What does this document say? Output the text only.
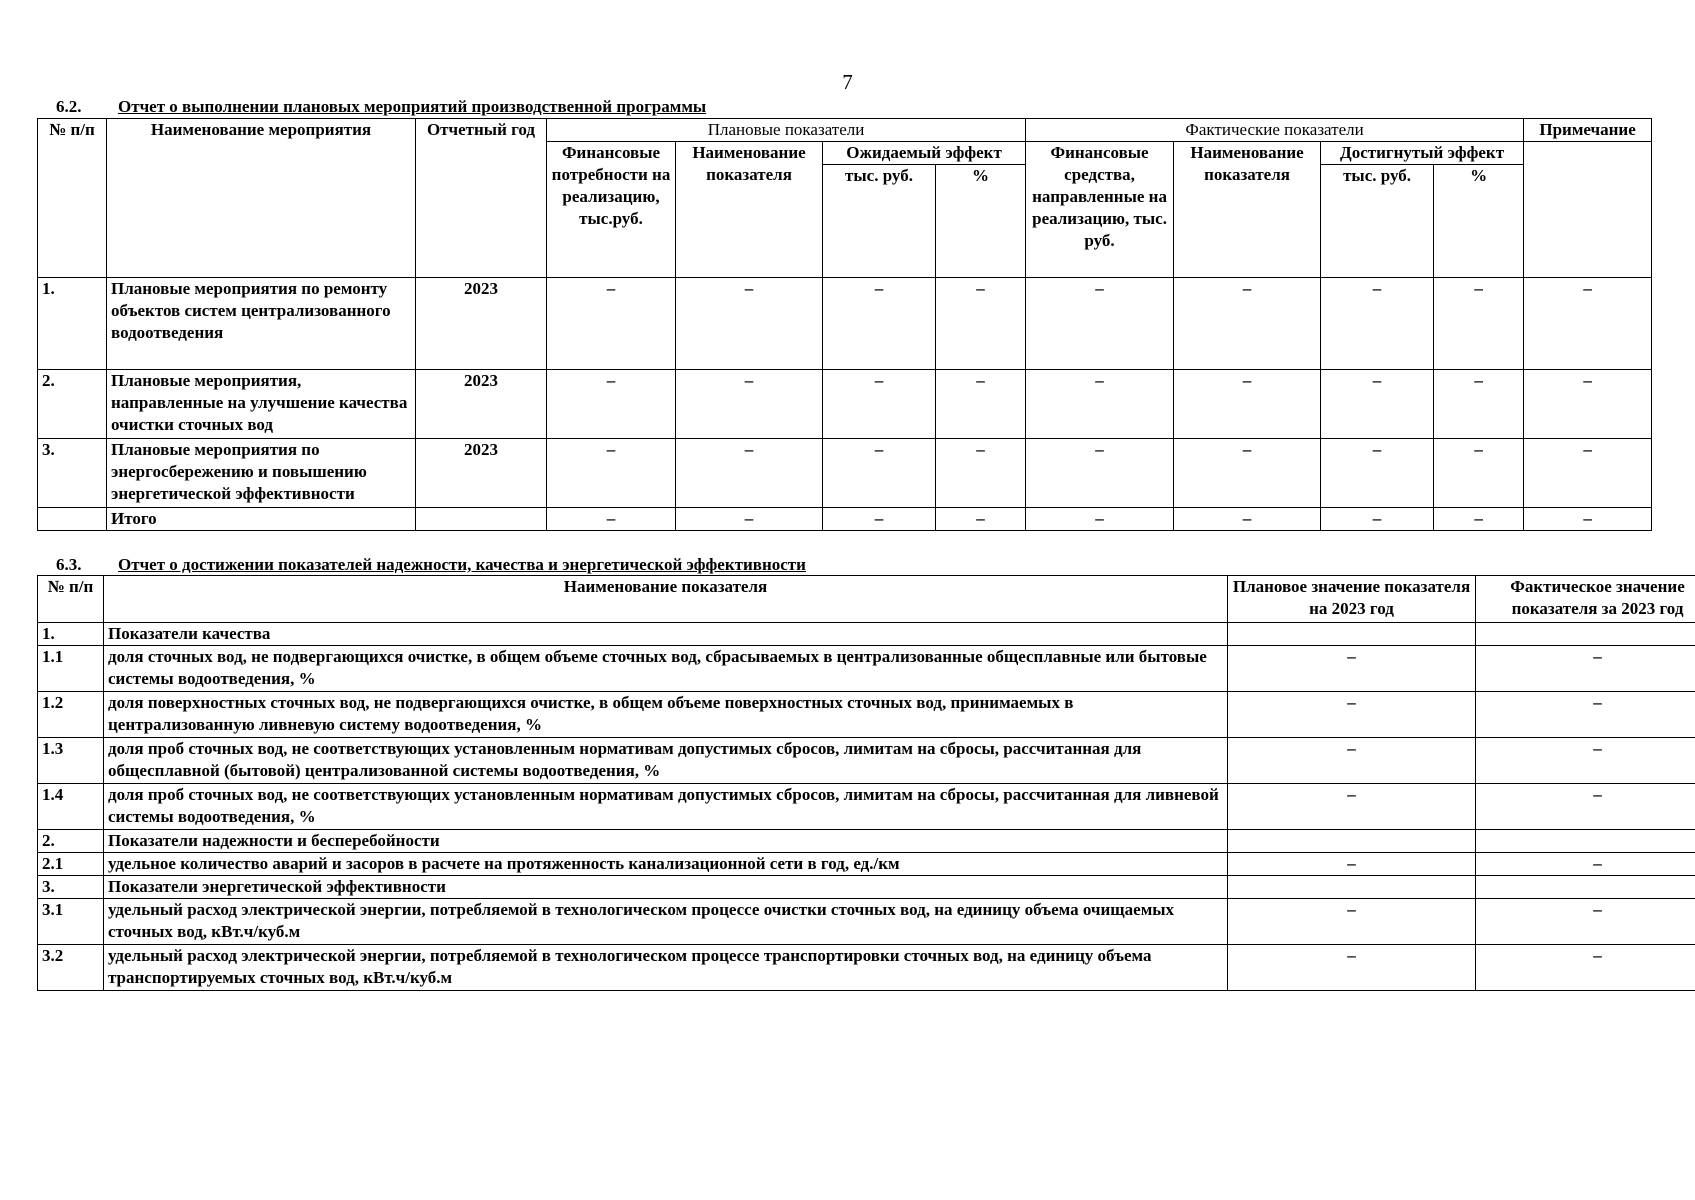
7
6.2. Отчет о выполнении плановых мероприятий производственной программы
№ п/п	Наименование мероприятия	Отчетный год	Плановые показатели				Фактические показатели				Примечание
			Финансовые потребности на реализацию, тыс.руб.	Наименование показателя	Ожидаемый эффект		Финансовые средства, направленные на реализацию, тыс. руб.	Наименование показателя	Достигнутый эффект		
					тыс. руб.	%			тыс. руб.	%	
1.	Плановые мероприятия по ремонту объектов систем централизованного водоотведения	2023	–	–	–	–	–	–	–	–	–
2.	Плановые мероприятия, направленные на улучшение качества очистки сточных вод	2023	–	–	–	–	–	–	–	–	–
3.	Плановые мероприятия по энергосбережению и повышению энергетической эффективности	2023	–	–	–	–	–	–	–	–	–
	Итого		–	–	–	–	–	–	–	–	–
6.3. Отчет о достижении показателей надежности, качества и энергетической эффективности
№ п/п	Наименование показателя	Плановое значение показателя на 2023 год	Фактическое значение показателя за 2023 год
1.	Показатели качества		
1.1	доля сточных вод, не подвергающихся очистке, в общем объеме сточных вод, сбрасываемых в централизованные общесплавные или бытовые системы водоотведения, %	–	–
1.2	доля поверхностных сточных вод, не подвергающихся очистке, в общем объеме поверхностных сточных вод, принимаемых в централизованную ливневую систему водоотведения, %	–	–
1.3	доля проб сточных вод, не соответствующих установленным нормативам допустимых сбросов, лимитам на сбросы, рассчитанная для общесплавной (бытовой) централизованной системы водоотведения, %	–	–
1.4	доля проб сточных вод, не соответствующих установленным нормативам допустимых сбросов, лимитам на сбросы, рассчитанная для ливневой системы водоотведения, %	–	–
2.	Показатели надежности и бесперебойности		
2.1	удельное количество аварий и засоров в расчете на протяженность канализационной сети в год, ед./км	–	–
3.	Показатели энергетической эффективности		
3.1	удельный расход электрической энергии, потребляемой в технологическом процессе очистки сточных вод, на единицу объема очищаемых сточных вод, кВт.ч/куб.м	–	–
3.2	удельный расход электрической энергии, потребляемой в технологическом процессе транспортировки сточных вод, на единицу объема транспортируемых сточных вод, кВт.ч/куб.м	–	–
